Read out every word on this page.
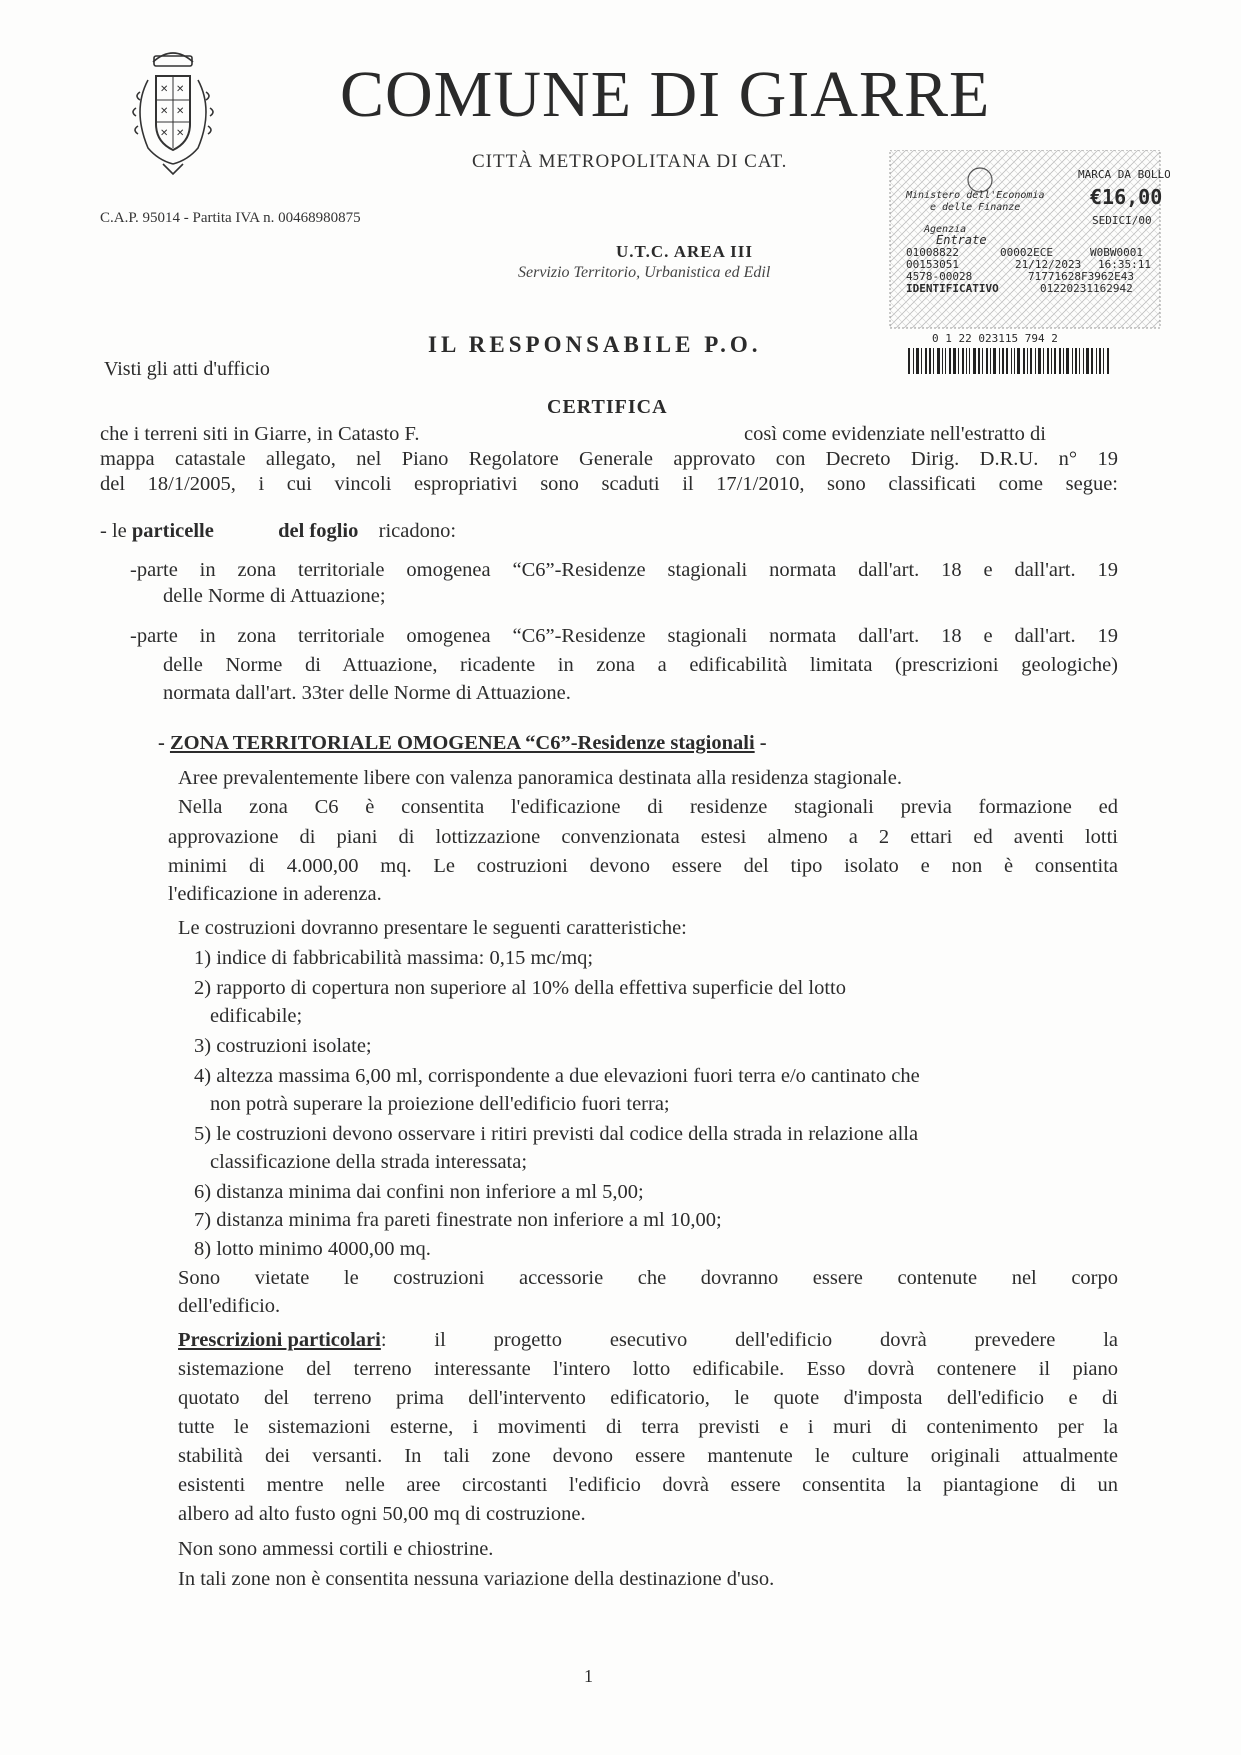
✕ ✕
✕ ✕
✕ ✕
COMUNE DI GIARRE
CITTÀ METROPOLITANA DI CAT.
C.A.P. 95014 - Partita IVA n. 00468980875
U.T.C. AREA III
Servizio Territorio, Urbanistica ed Edil
IL RESPONSABILE P.O.
MARCA DA BOLLO
Ministero dell'Economia
e delle Finanze	€16,00
SEDICI/00
Agenzia
Entrate
01008822	00002ECE	W0BW0001
00153051	21/12/2023 16:35:11
4578-00028	71771628F3962E43
IDENTIFICATIVO	01220231162942
0 1 22 023115 794 2
Visti gli atti d'ufficio
CERTIFICA
che i terreni siti in Giarre, in Catasto F.	così come evidenziate nell'estratto di
mappa catastale allegato, nel Piano Regolatore Generale approvato con Decreto Dirig. D.R.U. n° 19
del 18/1/2005, i cui vincoli espropriativi sono scaduti il 17/1/2010, sono classificati come segue:
- le particelle	del foglio ricadono:
-parte in zona territoriale omogenea “C6”-Residenze stagionali normata dall'art. 18 e dall'art. 19
delle Norme di Attuazione;
-parte in zona territoriale omogenea “C6”-Residenze stagionali normata dall'art. 18 e dall'art. 19
delle Norme di Attuazione, ricadente in zona a edificabilità limitata (prescrizioni geologiche)
normata dall'art. 33ter delle Norme di Attuazione.
- ZONA TERRITORIALE OMOGENEA “C6”-Residenze stagionali -
Aree prevalentemente libere con valenza panoramica destinata alla residenza stagionale.
Nella zona C6 è consentita l'edificazione di residenze stagionali previa formazione ed
approvazione di piani di lottizzazione convenzionata estesi almeno a 2 ettari ed aventi lotti
minimi di 4.000,00 mq. Le costruzioni devono essere del tipo isolato e non è consentita
l'edificazione in aderenza.
Le costruzioni dovranno presentare le seguenti caratteristiche:
1) indice di fabbricabilità massima: 0,15 mc/mq;
2) rapporto di copertura non superiore al 10% della effettiva superficie del lotto
edificabile;
3) costruzioni isolate;
4) altezza massima 6,00 ml, corrispondente a due elevazioni fuori terra e/o cantinato che
non potrà superare la proiezione dell'edificio fuori terra;
5) le costruzioni devono osservare i ritiri previsti dal codice della strada in relazione alla
classificazione della strada interessata;
6) distanza minima dai confini non inferiore a ml 5,00;
7) distanza minima fra pareti finestrate non inferiore a ml 10,00;
8) lotto minimo 4000,00 mq.
Sono vietate le costruzioni accessorie che dovranno essere contenute nel corpo
dell'edificio.
Prescrizioni particolari : il progetto esecutivo dell'edificio dovrà prevedere la
sistemazione del terreno interessante l'intero lotto edificabile. Esso dovrà contenere il piano
quotato del terreno prima dell'intervento edificatorio, le quote d'imposta dell'edificio e di
tutte le sistemazioni esterne, i movimenti di terra previsti e i muri di contenimento per la
stabilità dei versanti. In tali zone devono essere mantenute le culture originali attualmente
esistenti mentre nelle aree circostanti l'edificio dovrà essere consentita la piantagione di un
albero ad alto fusto ogni 50,00 mq di costruzione.
Non sono ammessi cortili e chiostrine.
In tali zone non è consentita nessuna variazione della destinazione d'uso.
1
